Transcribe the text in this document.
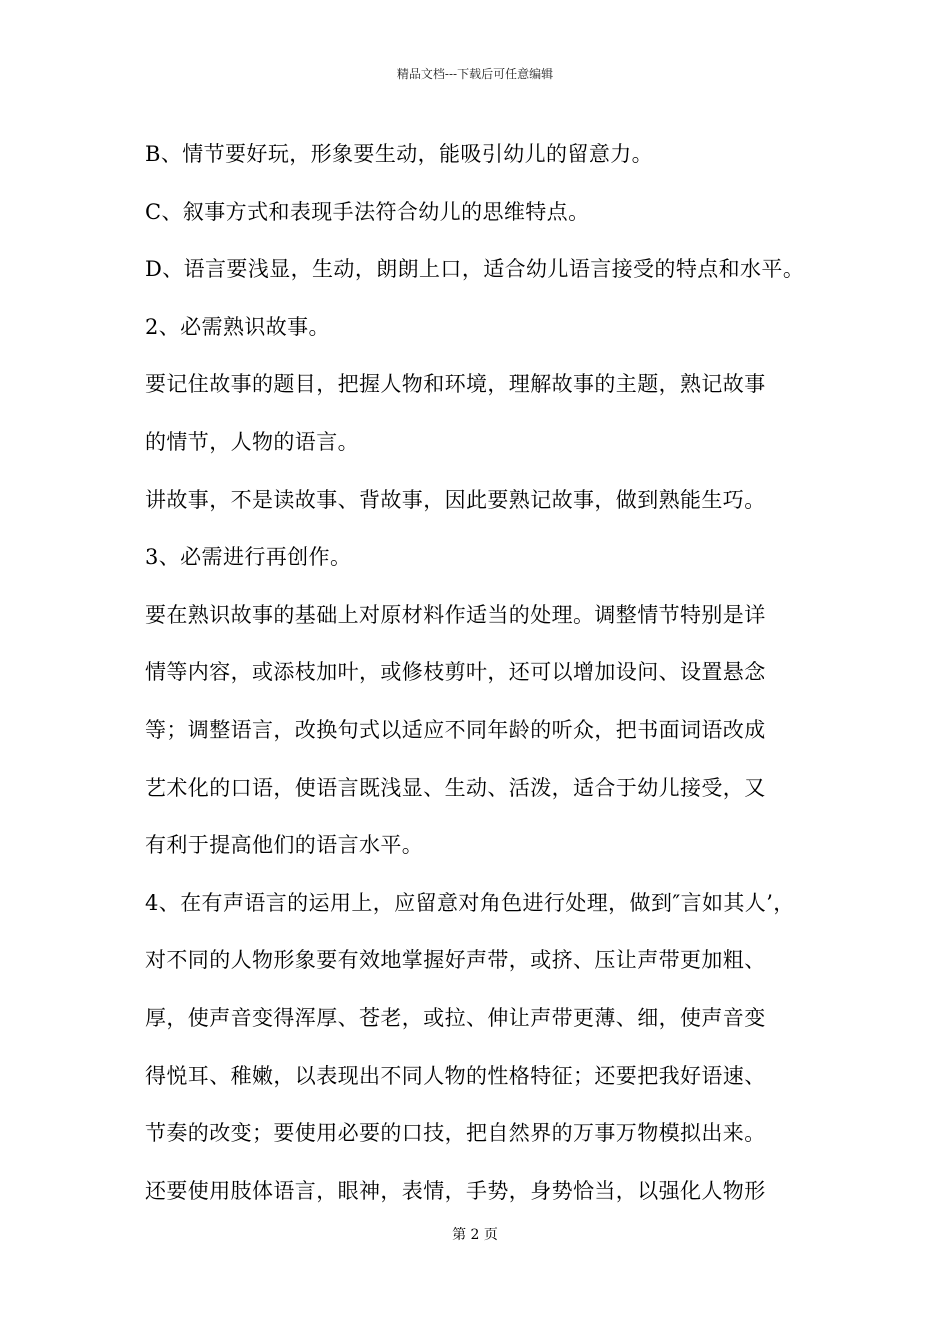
精品文档---下载后可任意编辑
B、情节要好玩，形象要生动，能吸引幼儿的留意力。
C、叙事方式和表现手法符合幼儿的思维特点。
D、语言要浅显，生动，朗朗上口，适合幼儿语言接受的特点和水平。
2、必需熟识故事。
要记住故事的题目，把握人物和环境，理解故事的主题，熟记故事
的情节，人物的语言。
讲故事，不是读故事、背故事，因此要熟记故事，做到熟能生巧。
3、必需进行再创作。
要在熟识故事的基础上对原材料作适当的处理。调整情节特别是详
情等内容，或添枝加叶，或修枝剪叶，还可以增加设问、设置悬念
等；调整语言，改换句式以适应不同年龄的听众，把书面词语改成
艺术化的口语，使语言既浅显、生动、活泼，适合于幼儿接受，又
有利于提高他们的语言水平。
4、在有声语言的运用上，应留意对角色进行处理，做到″言如其人’，
对不同的人物形象要有效地掌握好声带，或挤、压让声带更加粗、
厚，使声音变得浑厚、苍老，或拉、伸让声带更薄、细，使声音变
得悦耳、稚嫩，以表现出不同人物的性格特征；还要把我好语速、
节奏的改变；要使用必要的口技，把自然界的万事万物模拟出来。
还要使用肢体语言，眼神，表情，手势，身势恰当，以强化人物形
第 2 页
